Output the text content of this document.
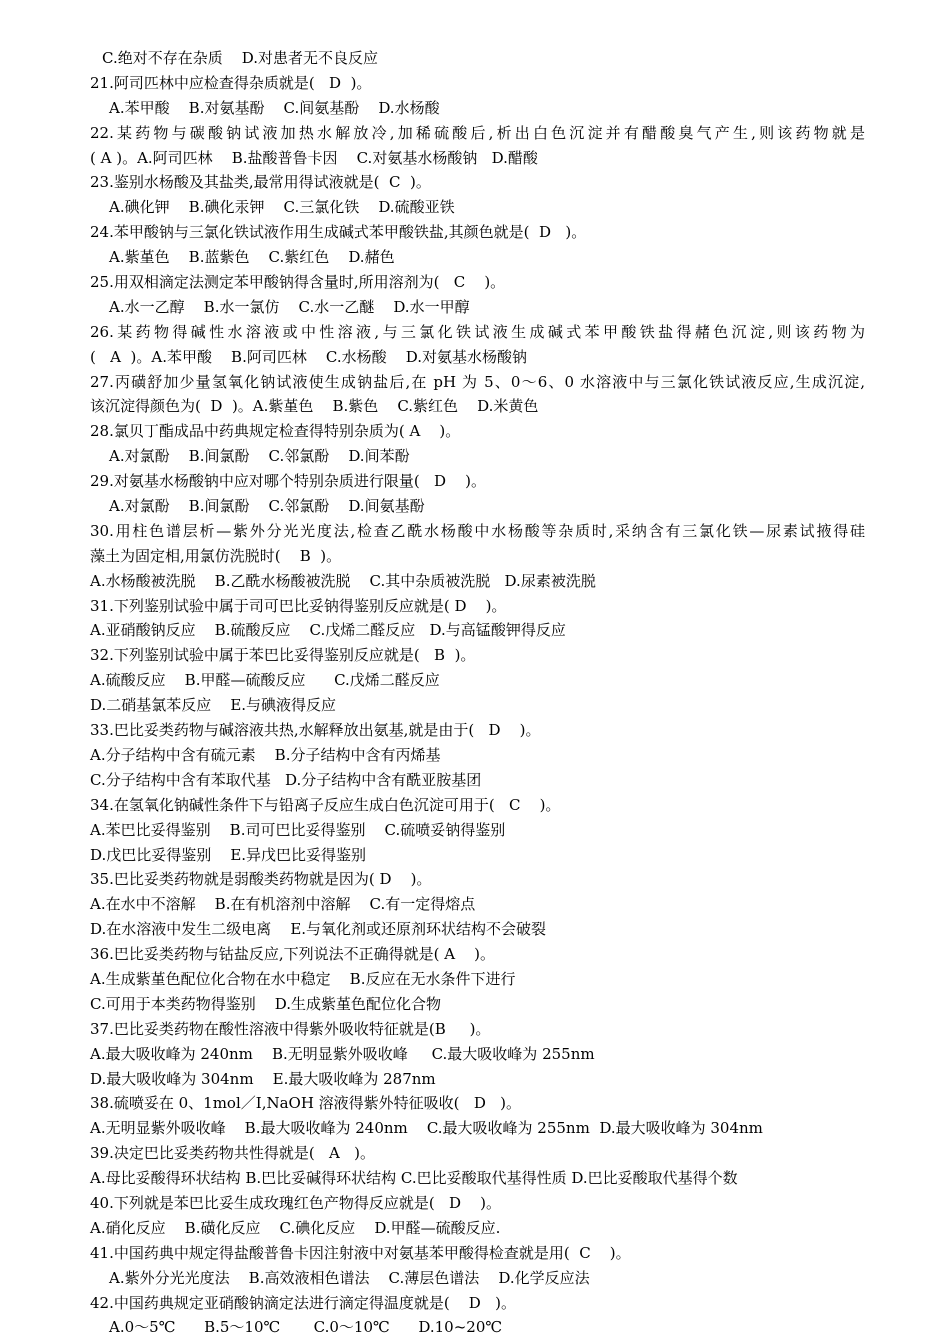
C.绝对不存在杂质    D.对患者无不良反应
21.阿司匹林中应检查得杂质就是(   D  )。
A.苯甲酸    B.对氨基酚    C.间氨基酚    D.水杨酸
22.某药物与碳酸钠试液加热水解放冷,加稀硫酸后,析出白色沉淀并有醋酸臭气产生,则该药物就是
( A )。A.阿司匹林    B.盐酸普鲁卡因    C.对氨基水杨酸钠   D.醋酸
23.鉴别水杨酸及其盐类,最常用得试液就是(  C  )。
A.碘化钾    B.碘化汞钾    C.三氯化铁    D.硫酸亚铁
24.苯甲酸钠与三氯化铁试液作用生成碱式苯甲酸铁盐,其颜色就是(  D   )。
A.紫堇色    B.蓝紫色    C.紫红色    D.赭色
25.用双相滴定法测定苯甲酸钠得含量时,所用溶剂为(   C    )。
A.水一乙醇    B.水一氯仿    C.水一乙醚    D.水一甲醇
26.某药物得碱性水溶液或中性溶液,与三氯化铁试液生成碱式苯甲酸铁盐得赭色沉淀,则该药物为
(   A  )。A.苯甲酸    B.阿司匹林    C.水杨酸    D.对氨基水杨酸钠
27.丙磺舒加少量氢氧化钠试液使生成钠盐后,在 pH 为 5、0～6、0 水溶液中与三氯化铁试液反应,生成沉淀,
该沉淀得颜色为(  D  )。A.紫堇色    B.紫色    C.紫红色    D.米黄色
28.氯贝丁酯成品中药典规定检查得特别杂质为( A    )。
A.对氯酚    B.间氯酚    C.邻氯酚    D.间苯酚
29.对氨基水杨酸钠中应对哪个特别杂质进行限量(   D    )。
A.对氯酚    B.间氯酚    C.邻氯酚    D.间氨基酚
30.用柱色谱层析—紫外分光光度法,检查乙酰水杨酸中水杨酸等杂质时,采纳含有三氯化铁—尿素试掖得硅
藻土为固定相,用氯仿洗脱时(    B  )。
A.水杨酸被洗脱    B.乙酰水杨酸被洗脱    C.其中杂质被洗脱   D.尿素被洗脱
31.下列鉴别试验中属于司可巴比妥钠得鉴别反应就是( D    )。
A.亚硝酸钠反应    B.硫酸反应    C.戊烯二醛反应   D.与高锰酸钾得反应
32.下列鉴别试验中属于苯巴比妥得鉴别反应就是(   B  )。
A.硫酸反应    B.甲醛—硫酸反应      C.戊烯二醛反应
D.二硝基氯苯反应    E.与碘液得反应
33.巴比妥类药物与碱溶液共热,水解释放出氨基,就是由于(   D    )。
A.分子结构中含有硫元素    B.分子结构中含有丙烯基
C.分子结构中含有苯取代基   D.分子结构中含有酰亚胺基团
34.在氢氧化钠碱性条件下与铅离子反应生成白色沉淀可用于(   C    )。
A.苯巴比妥得鉴别    B.司可巴比妥得鉴别    C.硫喷妥钠得鉴别
D.戊巴比妥得鉴别    E.异戊巴比妥得鉴别
35.巴比妥类药物就是弱酸类药物就是因为( D    )。
A.在水中不溶解    B.在有机溶剂中溶解    C.有一定得熔点
D.在水溶液中发生二级电离    E.与氧化剂或还原剂环状结构不会破裂
36.巴比妥类药物与钴盐反应,下列说法不正确得就是( A    )。
A.生成紫堇色配位化合物在水中稳定    B.反应在无水条件下进行
C.可用于本类药物得鉴别    D.生成紫堇色配位化合物
37.巴比妥类药物在酸性溶液中得紫外吸收特征就是(B     )。
A.最大吸收峰为 240nm    B.无明显紫外吸收峰     C.最大吸收峰为 255nm
D.最大吸收峰为 304nm    E.最大吸收峰为 287nm
38.硫喷妥在 0、1mol／I,NaOH 溶液得紫外特征吸收(   D   )。
A.无明显紫外吸收峰    B.最大吸收峰为 240nm    C.最大吸收峰为 255nm  D.最大吸收峰为 304nm
39.决定巴比妥类药物共性得就是(   A   )。
A.母比妥酸得环状结构 B.巴比妥碱得环状结构 C.巴比妥酸取代基得性质 D.巴比妥酸取代基得个数
40.下列就是苯巴比妥生成玫瑰红色产物得反应就是(   D    )。
A.硝化反应    B.磺化反应    C.碘化反应    D.甲醛—硫酸反应.
41.中国药典中规定得盐酸普鲁卡因注射液中对氨基苯甲酸得检查就是用(  C    )。
A.紫外分光光度法    B.高效液相色谱法    C.薄层色谱法    D.化学反应法
42.中国药典规定亚硝酸钠滴定法进行滴定得温度就是(    D   )。
A.0～5℃      B.5～10℃       C.0～10℃      D.10~20℃
